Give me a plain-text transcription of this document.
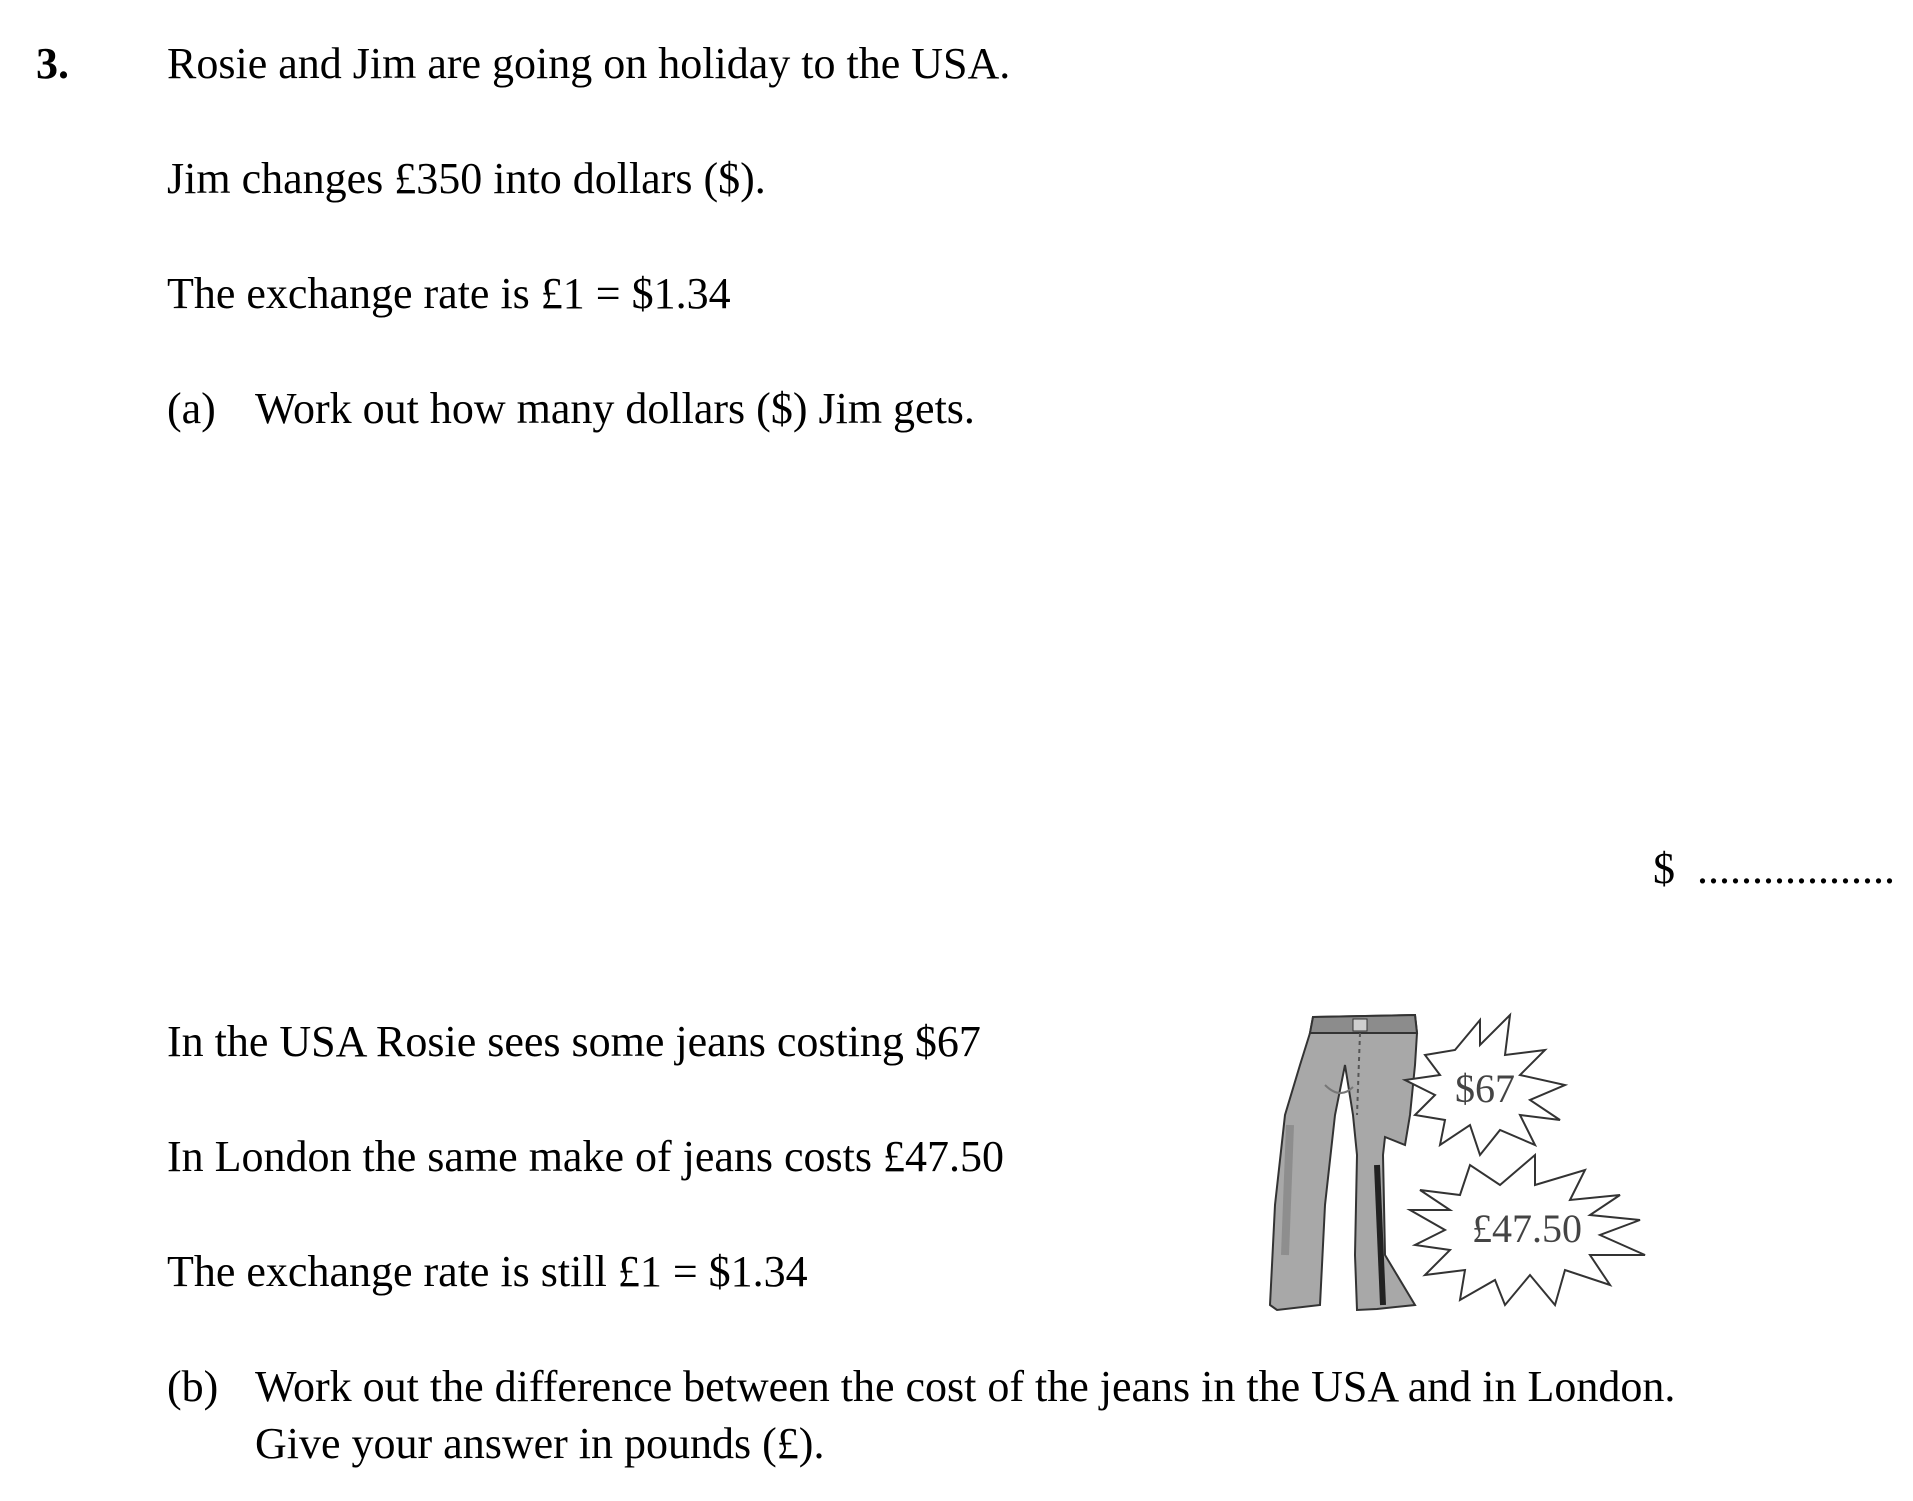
3. Rosie and Jim are going on holiday to the USA.
Jim changes £350 into dollars ($).
The exchange rate is £1 = $1.34
(a) Work out how many dollars ($) Jim gets.
$ ..................
In the USA Rosie sees some jeans costing $67
In London the same make of jeans costs £47.50
The exchange rate is still £1 = $1.34
$67
£47.50
(b) Work out the difference between the cost of the jeans in the USA and in London.
Give your answer in pounds (£).
